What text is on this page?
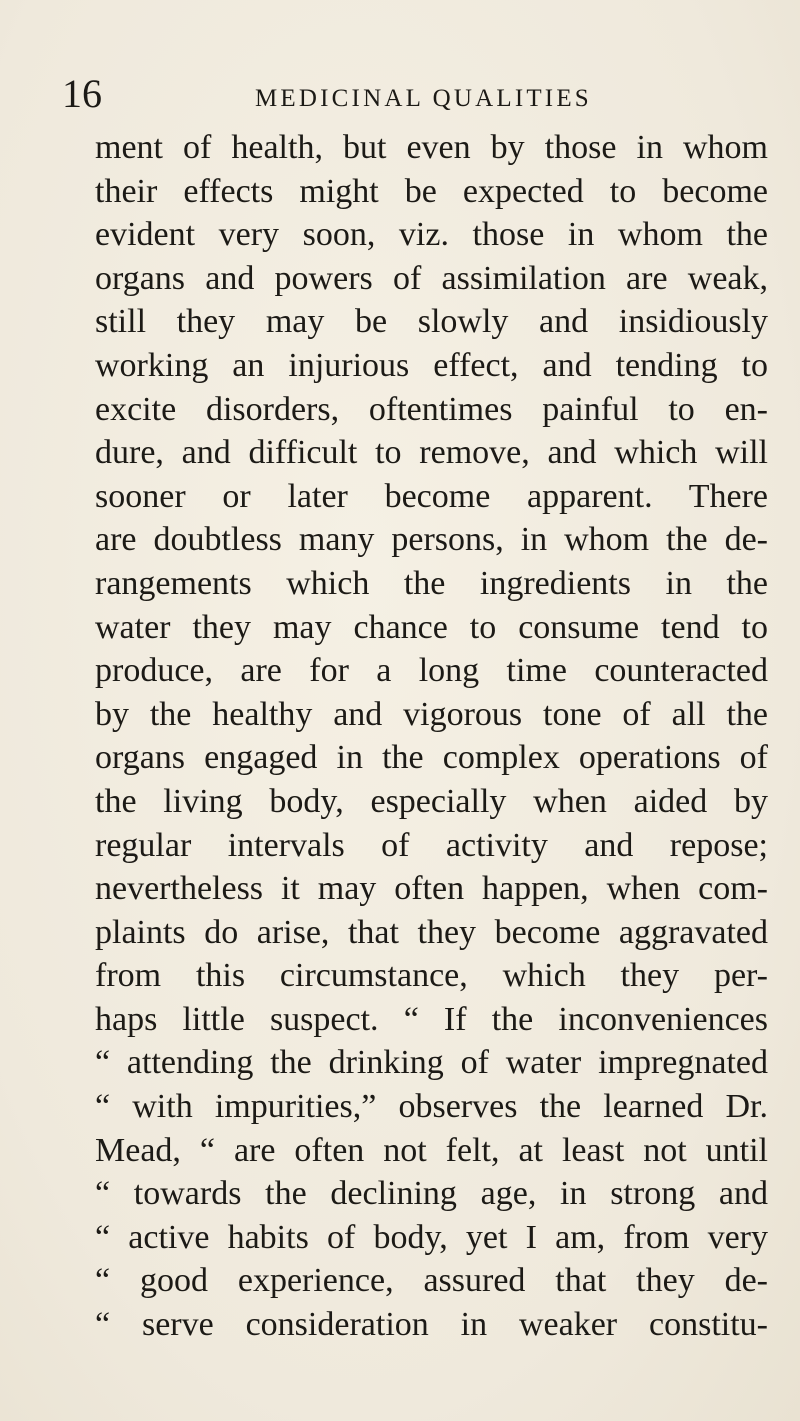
16	MEDICINAL QUALITIES
ment of health, but even by those in whom
their effects might be expected to become
evident very soon, viz. those in whom the
organs and powers of assimilation are weak,
still they may be slowly and insidiously
working an injurious effect, and tending to
excite disorders, oftentimes painful to en-
dure, and difficult to remove, and which will
sooner or later become apparent. There
are doubtless many persons, in whom the de-
rangements which the ingredients in the
water they may chance to consume tend to
produce, are for a long time counteracted
by the healthy and vigorous tone of all the
organs engaged in the complex operations of
the living body, especially when aided by
regular intervals of activity and repose;
nevertheless it may often happen, when com-
plaints do arise, that they become aggravated
from this circumstance, which they per-
haps little suspect. “ If the inconveniences
“ attending the drinking of water impregnated
“ with impurities,” observes the learned Dr.
Mead, “ are often not felt, at least not until
“ towards the declining age, in strong and
“ active habits of body, yet I am, from very
“ good experience, assured that they de-
“ serve consideration in weaker constitu-
